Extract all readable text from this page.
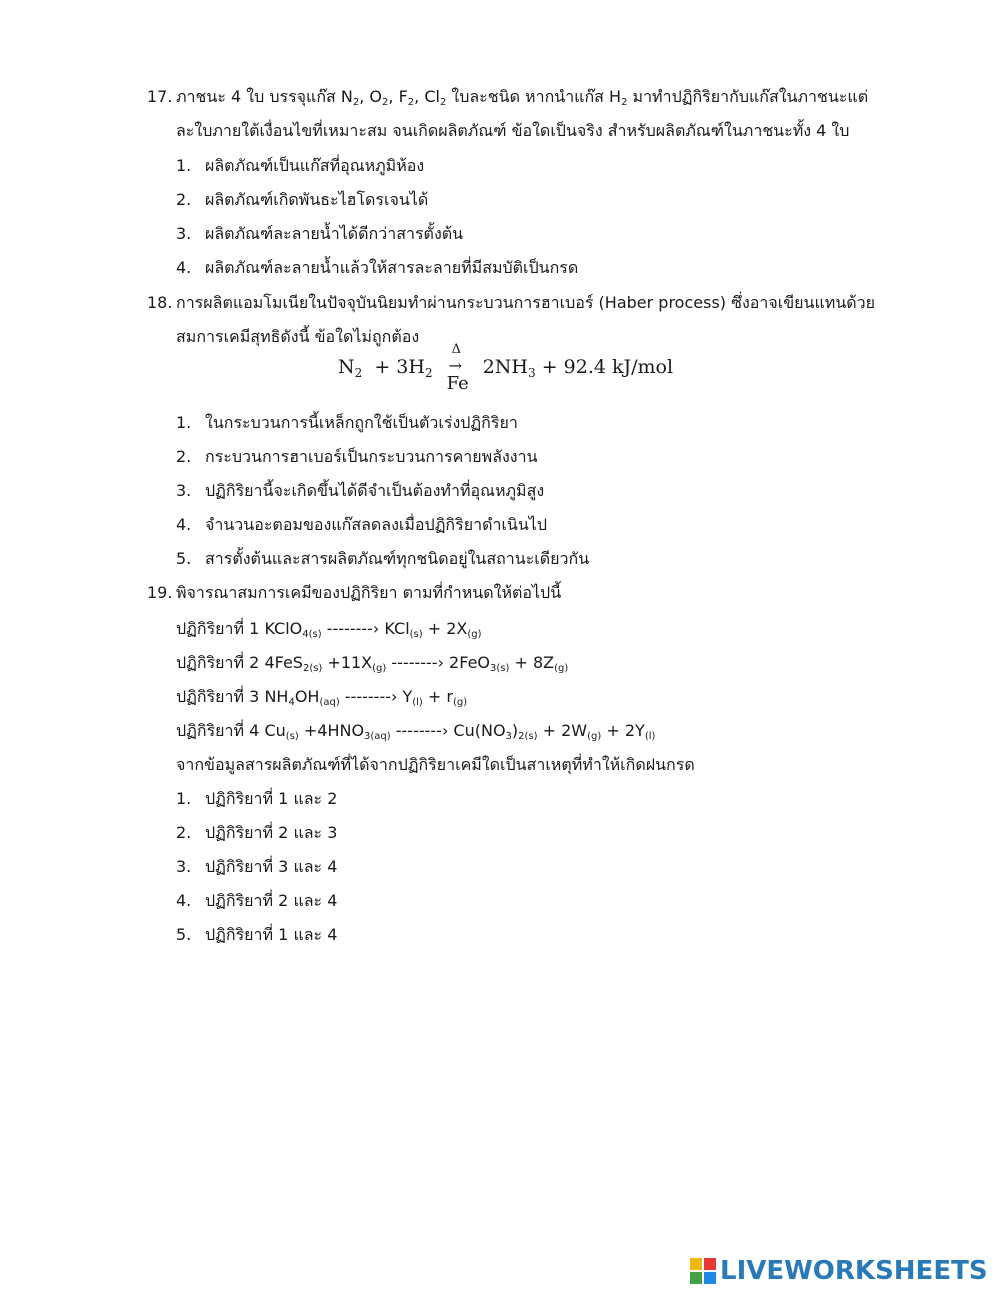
17. ภาชนะ 4 ใบ บรรจุแก๊ส $N_2$, $O_2$, $F_2$, $Cl_2$ ใบละชนิด หากนำแก๊ส $H_2$ มาทำปฏิกิริยากับแก๊สในภาชนะแต่
ละใบภายใต้เงื่อนไขที่เหมาะสม จนเกิดผลิตภัณฑ์ ข้อใดเป็นจริง สำหรับผลิตภัณฑ์ในภาชนะทั้ง 4 ใบ
1. ผลิตภัณฑ์เป็นแก๊สที่อุณหภูมิห้อง
2. ผลิตภัณฑ์เกิดพันธะไฮโดรเจนได้
3. ผลิตภัณฑ์ละลายน้ำได้ดีกว่าสารตั้งต้น
4. ผลิตภัณฑ์ละลายน้ำแล้วให้สารละลายที่มีสมบัติเป็นกรด
18. การผลิตแอมโมเนียในปัจจุบันนิยมทำผ่านกระบวนการฮาเบอร์ (Haber process) ซึ่งอาจเขียนแทนด้วย
สมการเคมีสุทธิดังนี้ ข้อใดไม่ถูกต้อง
$N_2 + 3H_2$
Δ
→
Fe
$2NH_3 + 92.4$ kJ/mol
1. ในกระบวนการนี้เหล็กถูกใช้เป็นตัวเร่งปฏิกิริยา
2. กระบวนการฮาเบอร์เป็นกระบวนการคายพลังงาน
3. ปฏิกิริยานี้จะเกิดขึ้นได้ดีจำเป็นต้องทำที่อุณหภูมิสูง
4. จำนวนอะตอมของแก๊สลดลงเมื่อปฏิกิริยาดำเนินไป
5. สารตั้งต้นและสารผลิตภัณฑ์ทุกชนิดอยู่ในสถานะเดียวกัน
19. พิจารณาสมการเคมีของปฏิกิริยา ตามที่กำหนดให้ต่อไปนี้
ปฏิกิริยาที่ 1 KClO$_{4(s)}$ --------› $KCl_{(s)} + 2X_{(g)}$
ปฏิกิริยาที่ 2 $4FeS_{2(s)} +11X_{(g)}$ --------› $2FeO_{3(s)} + 8Z_{(g)}$
ปฏิกิริยาที่ 3 $NH_4OH_{(aq)}$ --------› $Y_{(l)} + r_{(g)}$
ปฏิกิริยาที่ 4 $Cu_{(s)} +4HNO_{3(aq)}$ --------› $Cu(NO_3)_{2(s)} + 2W_{(g)} + 2Y_{(l)}$
จากข้อมูลสารผลิตภัณฑ์ที่ได้จากปฏิกิริยาเคมีใดเป็นสาเหตุที่ทำให้เกิดฝนกรด
1. ปฏิกิริยาที่ 1 และ 2
2. ปฏิกิริยาที่ 2 และ 3
3. ปฏิกิริยาที่ 3 และ 4
4. ปฏิกิริยาที่ 2 และ 4
5. ปฏิกิริยาที่ 1 และ 4
LIVEWORKSHEETS
